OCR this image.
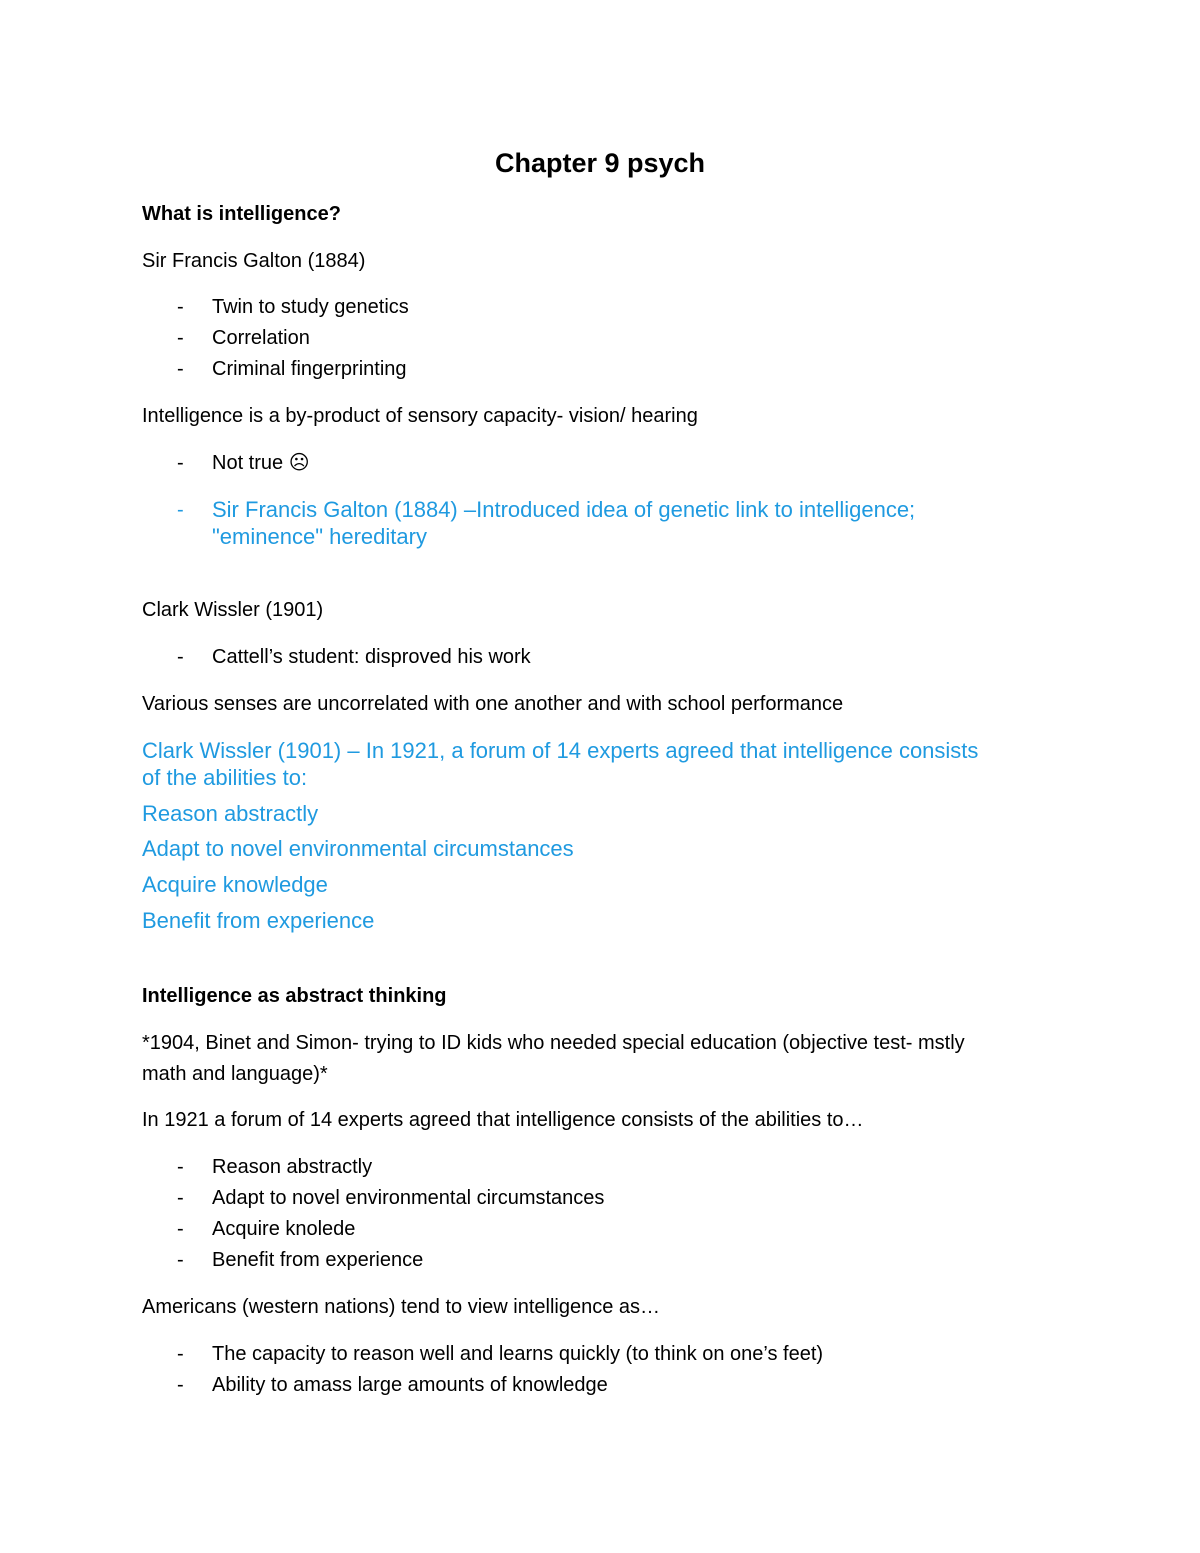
Chapter 9 psych

What is intelligence?

Sir Francis Galton (1884)

- Twin to study genetics
- Correlation
- Criminal fingerprinting

Intelligence is a by-product of sensory capacity- vision/ hearing

- Not true ☹
- Sir Francis Galton (1884) –Introduced idea of genetic link to intelligence;
"eminence" hereditary

Clark Wissler (1901)

- Cattell’s student: disproved his work

Various senses are uncorrelated with one another and with school performance

Clark Wissler (1901) – In 1921, a forum of 14 experts agreed that intelligence consists

of the abilities to:

Reason abstractly

Adapt to novel environmental circumstances

Acquire knowledge

Benefit from experience

Intelligence as abstract thinking

*1904, Binet and Simon- trying to ID kids who needed special education (objective test- mstly

math and language)*

In 1921 a forum of 14 experts agreed that intelligence consists of the abilities to…

- Reason abstractly
- Adapt to novel environmental circumstances
- Acquire knolede
- Benefit from experience

Americans (western nations) tend to view intelligence as…

- The capacity to reason well and learns quickly (to think on one’s feet)
- Ability to amass large amounts of knowledge
